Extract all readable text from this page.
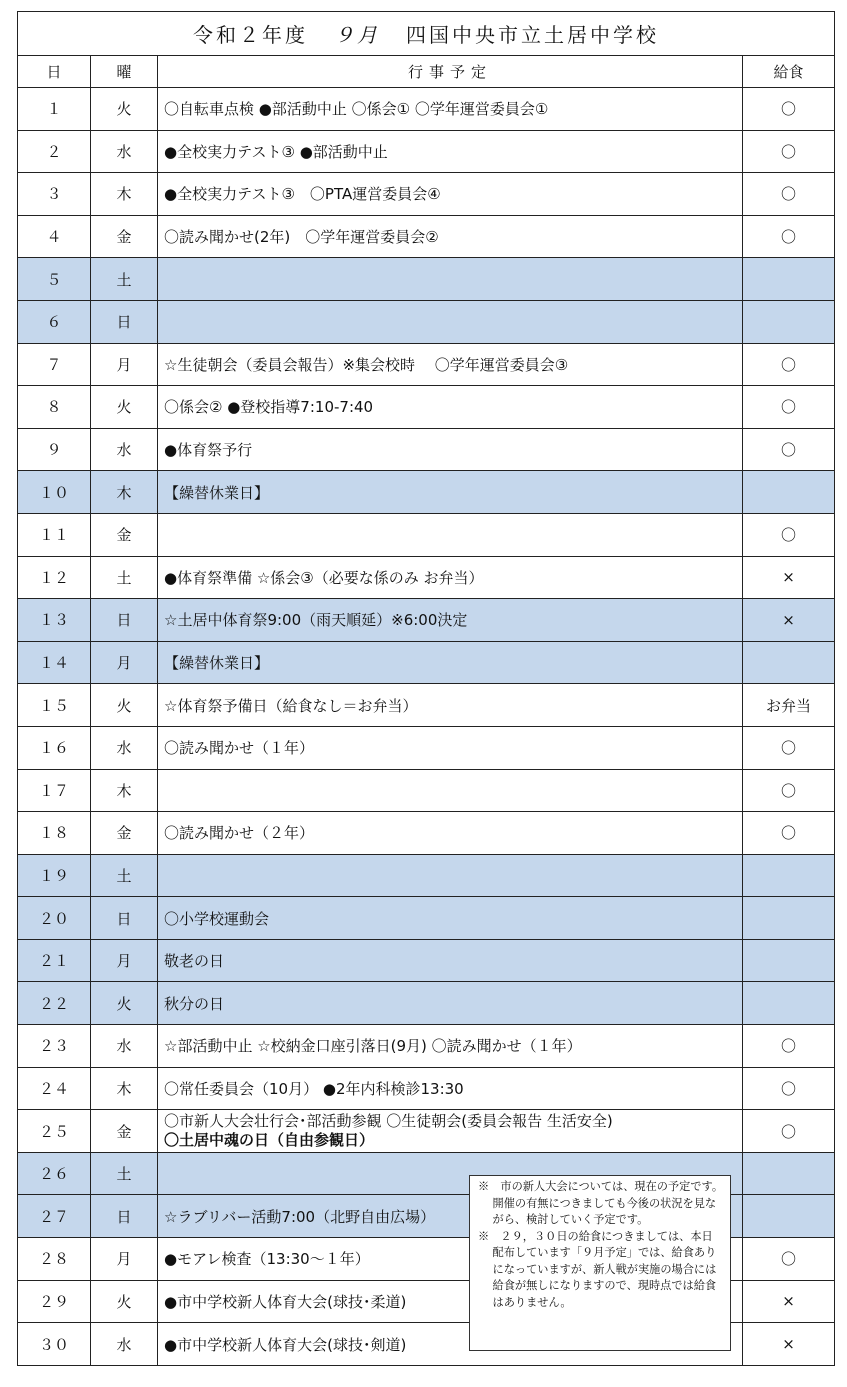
令和２年度 ９月 四国中央市立土居中学校			
日	曜	行事予定	給食
１	火	〇自転車点検 ●部活動中止 〇係会① 〇学年運営委員会①	〇
２	水	●全校実力テスト③ ●部活動中止	〇
３	木	●全校実力テスト③　〇PTA運営委員会④	〇
４	金	〇読み聞かせ(2年)　〇学年運営委員会②	〇
５	土	

６	日	

７	月	☆生徒朝会（委員会報告）※集会校時　 〇学年運営委員会③	〇
８	火	〇係会② ●登校指導7:10-7:40	〇
９	水	●体育祭予行	〇
１０	木	【繰替休業日】	

１１	金		〇
１２	土	●体育祭準備 ☆係会③（必要な係のみ お弁当）	×
１３	日	☆土居中体育祭9:00（雨天順延）※6:00決定	×
１４	月	【繰替休業日】	

１５	火	☆体育祭予備日（給食なし＝お弁当）	お弁当
１６	水	〇読み聞かせ（１年）	〇
１７	木		〇
１８	金	〇読み聞かせ（２年）	〇
１９	土	

２０	日	〇小学校運動会	

２１	月	敬老の日	

２２	火	秋分の日	

２３	水	☆部活動中止 ☆校納金口座引落日(9月) 〇読み聞かせ（１年）	〇
２４	木	〇常任委員会（10月） ●2年内科検診13:30	〇
２５	金	〇市新人大会壮行会･部活動参観 〇生徒朝会(委員会報告 生活安全)
〇土居中魂の日（自由参観日）	〇
２６	土	

２７	日	☆ラブリバー活動7:00（北野自由広場）	

２８	月	●モアレ検査（13:30～１年）	〇
２９	火	●市中学校新人体育大会(球技･柔道)	×
３０	水	●市中学校新人体育大会(球技･剣道)	×

※　市の新人大会については、現在の予定です。開催の有無につきましても今後の状況を見ながら、検討していく予定です。

※　２９，３０日の給食につきましては、本日配布しています「９月予定」では、給食ありになっていますが、新人戦が実施の場合には給食が無しになりますので、現時点では給食はありません。
